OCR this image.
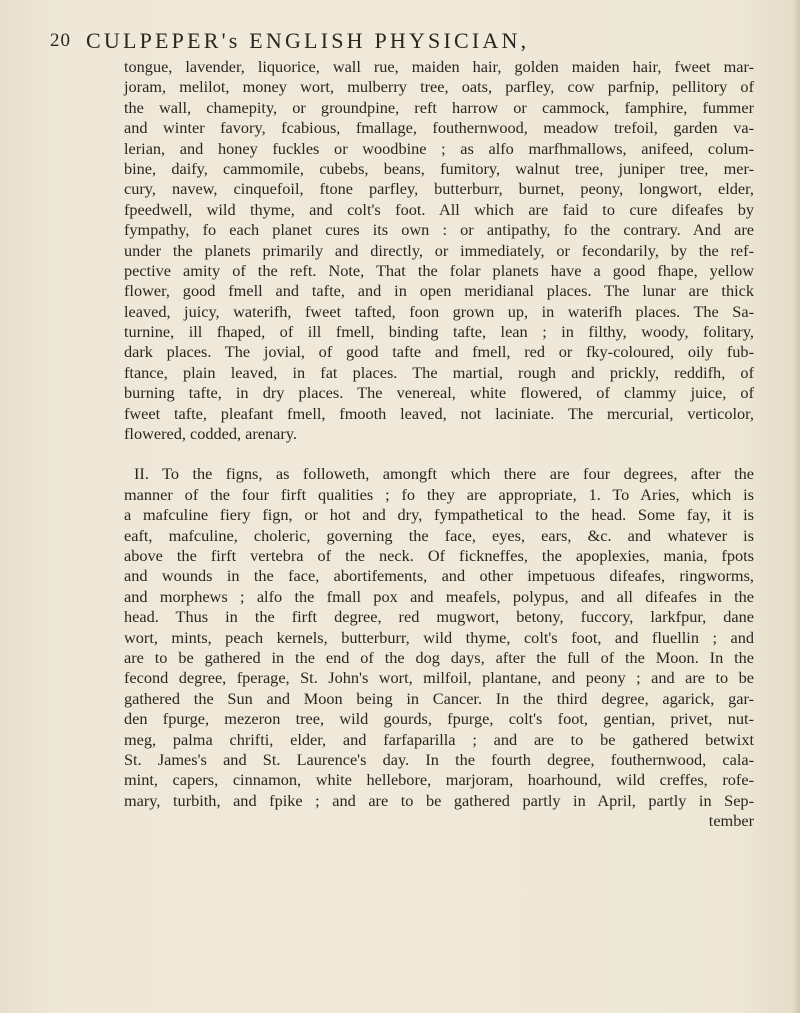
20 CULPEPER's ENGLISH PHYSICIAN,
tongue, lavender, liquorice, wall rue, maiden hair, golden maiden hair, fweet mar-
joram, melilot, money wort, mulberry tree, oats, parfley, cow parfnip, pellitory of
the wall, chamepity, or groundpine, reft harrow or cammock, famphire, fummer
and winter favory, fcabious, fmallage, fouthernwood, meadow trefoil, garden va-
lerian, and honey fuckles or woodbine ; as alfo marfhmallows, anifeed, colum-
bine, daify, cammomile, cubebs, beans, fumitory, walnut tree, juniper tree, mer-
cury, navew, cinquefoil, ftone parfley, butterburr, burnet, peony, longwort, elder,
fpeedwell, wild thyme, and colt's foot. All which are faid to cure difeafes by
fympathy, fo each planet cures its own : or antipathy, fo the contrary. And are
under the planets primarily and directly, or immediately, or fecondarily, by the ref-
pective amity of the reft. Note, That the folar planets have a good fhape, yellow
flower, good fmell and tafte, and in open meridianal places. The lunar are thick
leaved, juicy, waterifh, fweet tafted, foon grown up, in waterifh places. The Sa-
turnine, ill fhaped, of ill fmell, binding tafte, lean ; in filthy, woody, folitary,
dark places. The jovial, of good tafte and fmell, red or fky-coloured, oily fub-
ftance, plain leaved, in fat places. The martial, rough and prickly, reddifh, of
burning tafte, in dry places. The venereal, white flowered, of clammy juice, of
fweet tafte, pleafant fmell, fmooth leaved, not laciniate. The mercurial, verticolor,
flowered, codded, arenary.
II. To the figns, as followeth, amongft which there are four degrees, after the
manner of the four firft qualities ; fo they are appropriate, 1. To Aries, which is
a mafculine fiery fign, or hot and dry, fympathetical to the head. Some fay, it is
eaft, mafculine, choleric, governing the face, eyes, ears, &c. and whatever is
above the firft vertebra of the neck. Of fickneffes, the apoplexies, mania, fpots
and wounds in the face, abortifements, and other impetuous difeafes, ringworms,
and morphews ; alfo the fmall pox and meafels, polypus, and all difeafes in the
head. Thus in the firft degree, red mugwort, betony, fuccory, larkfpur, dane
wort, mints, peach kernels, butterburr, wild thyme, colt's foot, and fluellin ; and
are to be gathered in the end of the dog days, after the full of the Moon. In the
fecond degree, fperage, St. John's wort, milfoil, plantane, and peony ; and are to be
gathered the Sun and Moon being in Cancer. In the third degree, agarick, gar-
den fpurge, mezeron tree, wild gourds, fpurge, colt's foot, gentian, privet, nut-
meg, palma chrifti, elder, and farfaparilla ; and are to be gathered betwixt
St. James's and St. Laurence's day. In the fourth degree, fouthernwood, cala-
mint, capers, cinnamon, white hellebore, marjoram, hoarhound, wild creffes, rofe-
mary, turbith, and fpike ; and are to be gathered partly in April, partly in Sep-
tember
